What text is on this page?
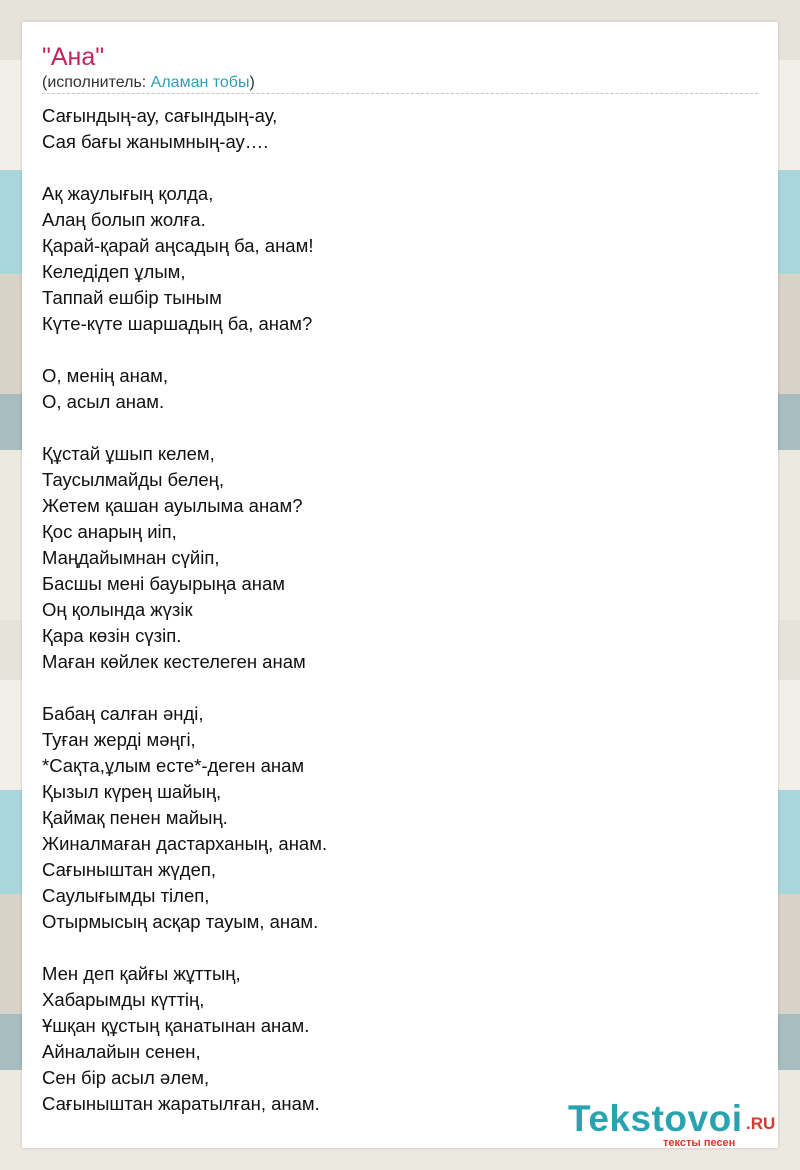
"Ана"
(исполнитель: Аламан тобы)
Сағындың-ау, сағындың-ау,
Сая бағы жанымның-ау….
Ақ жаулығың қолда,
Алаң болып жолға.
Қарай-қарай аңсадың ба, анам!
Келедідеп ұлым,
Таппай ешбір тыным
Күте-күте шаршадың ба, анам?
О, менің анам,
О, асыл анам.
Құстай ұшып келем,
Таусылмайды белең,
Жетем қашан ауылыма анам?
Қос анарың иіп,
Маңдайымнан сүйіп,
Басшы мені бауырыңа анам
Оң қолында жүзік
Қара көзін сүзіп.
Маған көйлек кестелеген анам
Бабаң салған әнді,
Туған жерді мәңгі,
*Сақта,ұлым есте*-деген анам
Қызыл күрең шайың,
Қаймақ пенен майың.
Жиналмаған дастарханың, анам.
Сағыныштан жүдеп,
Саулығымды тілеп,
Отырмысың асқар тауым, анам.
Мен деп қайғы жұттың,
Хабарымды күттің,
Ұшқан құстың қанатынан анам.
Айналайын сенен,
Сен бір асыл әлем,
Сағыныштан жаратылған, анам.	Tekstovoi .RU
тексты песен
